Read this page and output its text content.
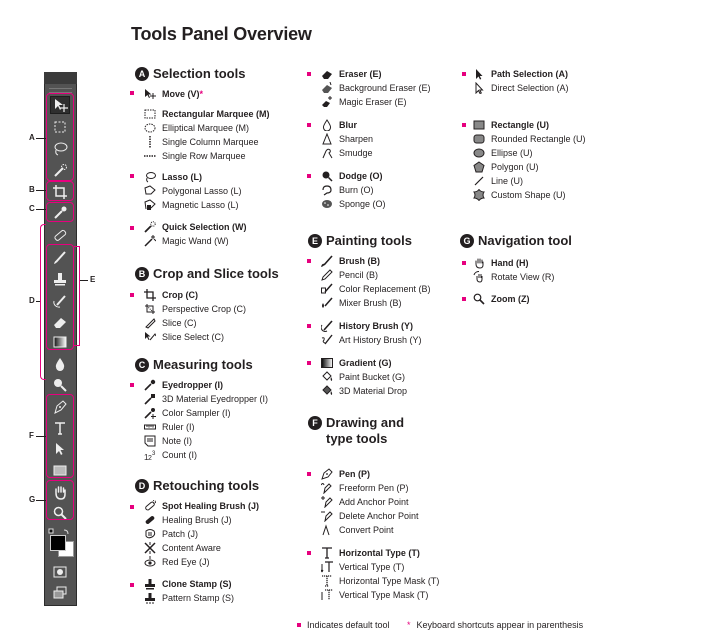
Tools Panel Overview
A
B
C
D
E
F
G
A Selection tools
Move (V) *
Rectangular Marquee (M)
Elliptical Marquee (M)
Single Column Marquee
Single Row Marquee
Lasso (L)
Polygonal Lasso (L)
Magnetic Lasso (L)
Quick Selection (W)
Magic Wand (W)
B Crop and Slice tools
Crop (C)
Perspective Crop (C)
Slice (C)
Slice Select (C)
C Measuring tools
Eyedropper (I)
3D Material Eyedropper (I)
Color Sampler (I)
Ruler (I)
Note (I)
1 2
3 Count (I)
D Retouching tools
Spot Healing Brush (J)
Healing Brush (J)
Patch (J)
Content Aware
Red Eye (J)
Clone Stamp (S)
Pattern Stamp (S)
Eraser (E)
Background Eraser (E)
Magic Eraser (E)
Blur
Sharpen
Smudge
Dodge (O)
Burn (O)
Sponge (O)
E Painting tools
Brush (B)
Pencil (B)
Color Replacement (B)
Mixer Brush (B)
History Brush (Y)
Art History Brush (Y)
Gradient (G)
Paint Bucket (G)
3D Material Drop
F Drawing and
type tools
Pen (P)
Freeform Pen (P)
Add Anchor Point
Delete Anchor Point
Convert Point
Horizontal Type (T)
Vertical Type (T)
Horizontal Type Mask (T)
Vertical Type Mask (T)
Path Selection (A)
Direct Selection (A)
Rectangle (U)
Rounded Rectangle (U)
Ellipse (U)
Polygon (U)
Line (U)
Custom Shape (U)
G Navigation tool
Hand (H)
Rotate View (R)
Zoom (Z)
Indicates default tool * Keyboard shortcuts appear in parenthesis
